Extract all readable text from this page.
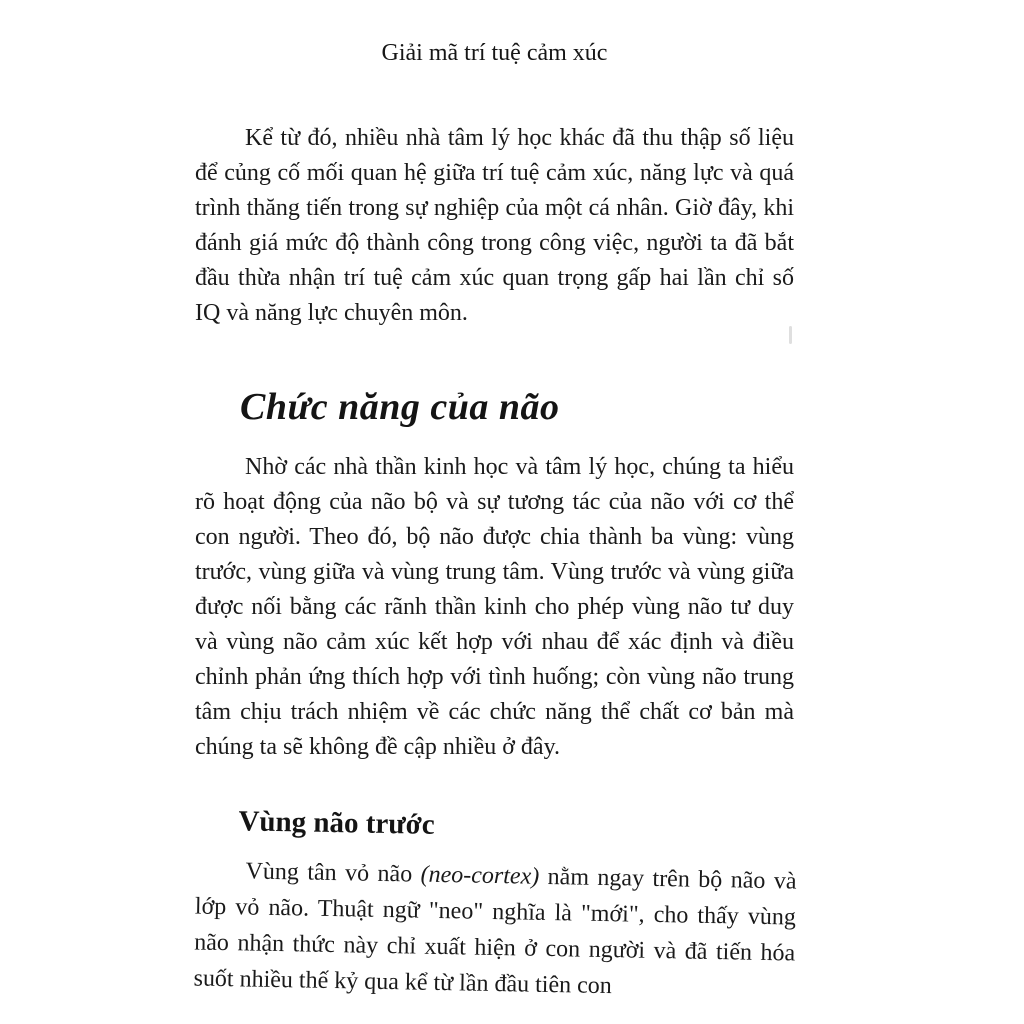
Giải mã trí tuệ cảm xúc

Kể từ đó, nhiều nhà tâm lý học khác đã thu thập số liệu để củng cố mối quan hệ giữa trí tuệ cảm xúc, năng lực và quá trình thăng tiến trong sự nghiệp của một cá nhân. Giờ đây, khi đánh giá mức độ thành công trong công việc, người ta đã bắt đầu thừa nhận trí tuệ cảm xúc quan trọng gấp hai lần chỉ số IQ và năng lực chuyên môn.

Chức năng của não

Nhờ các nhà thần kinh học và tâm lý học, chúng ta hiểu rõ hoạt động của não bộ và sự tương tác của não với cơ thể con người. Theo đó, bộ não được chia thành ba vùng: vùng trước, vùng giữa và vùng trung tâm. Vùng trước và vùng giữa được nối bằng các rãnh thần kinh cho phép vùng não tư duy và vùng não cảm xúc kết hợp với nhau để xác định và điều chỉnh phản ứng thích hợp với tình huống; còn vùng não trung tâm chịu trách nhiệm về các chức năng thể chất cơ bản mà chúng ta sẽ không đề cập nhiều ở đây.

Vùng não trước

Vùng tân vỏ não (neo-cortex) nằm ngay trên bộ não và lớp vỏ não. Thuật ngữ "neo" nghĩa là "mới", cho thấy vùng não nhận thức này chỉ xuất hiện ở con người và đã tiến hóa suốt nhiều thế kỷ qua kể từ lần đầu tiên con
